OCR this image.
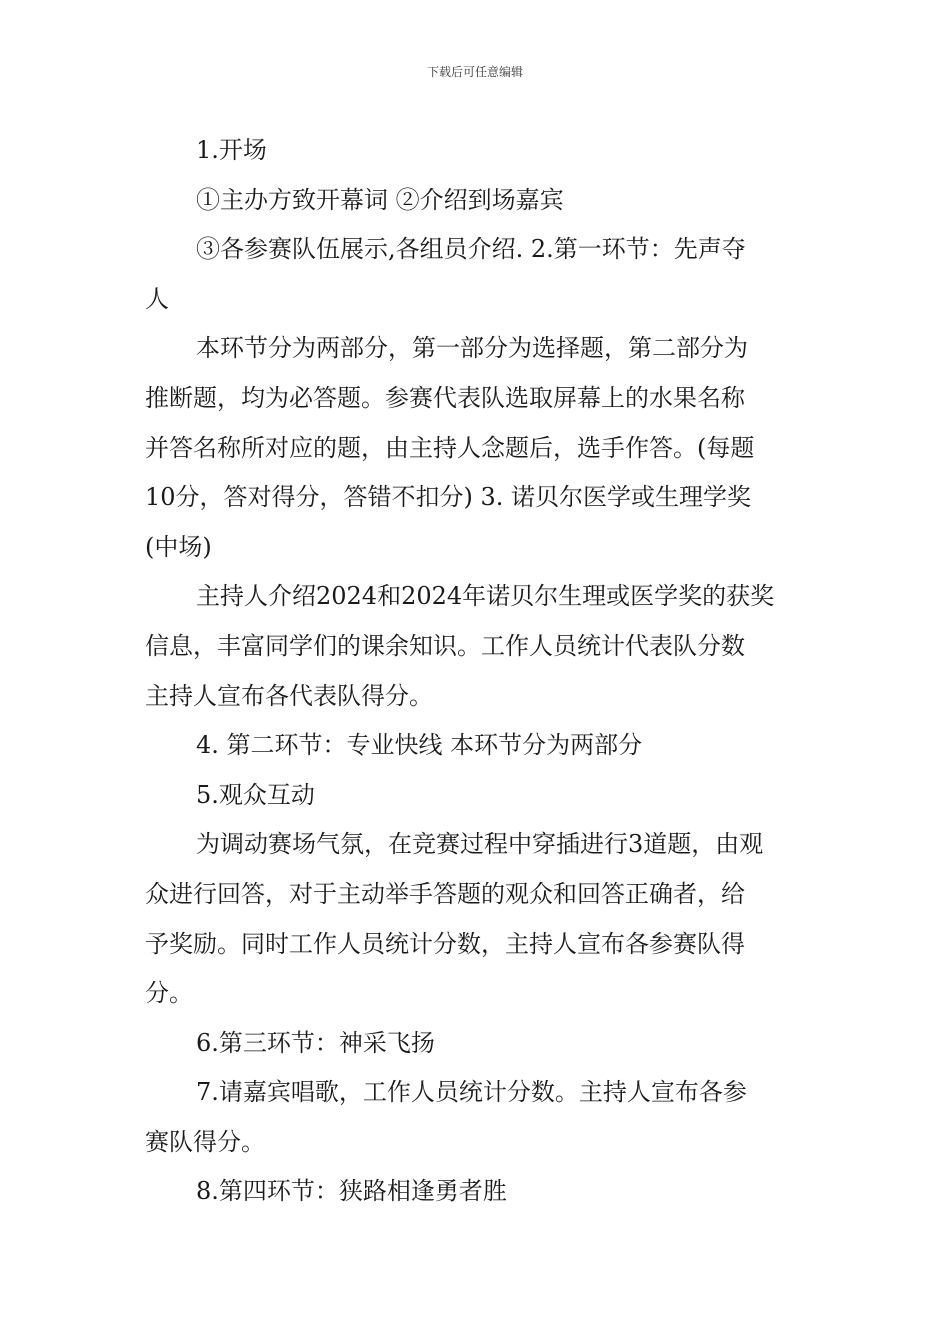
下载后可任意编辑

1.开场

①主办方致开幕词 ②介绍到场嘉宾

③各参赛队伍展示,各组员介绍. 2.第一环节：先声夺

人

本环节分为两部分，第一部分为选择题，第二部分为

推断题，均为必答题。参赛代表队选取屏幕上的水果名称

并答名称所对应的题，由主持人念题后，选手作答。(每题

10分，答对得分，答错不扣分) 3. 诺贝尔医学或生理学奖

(中场)

主持人介绍2024和2024年诺贝尔生理或医学奖的获奖

信息，丰富同学们的课余知识。工作人员统计代表队分数

主持人宣布各代表队得分。

4. 第二环节：专业快线 本环节分为两部分

5.观众互动

为调动赛场气氛，在竞赛过程中穿插进行3道题，由观

众进行回答，对于主动举手答题的观众和回答正确者，给

予奖励。同时工作人员统计分数，主持人宣布各参赛队得

分。

6.第三环节：神采飞扬

7.请嘉宾唱歌，工作人员统计分数。主持人宣布各参

赛队得分。

8.第四环节：狭路相逢勇者胜
